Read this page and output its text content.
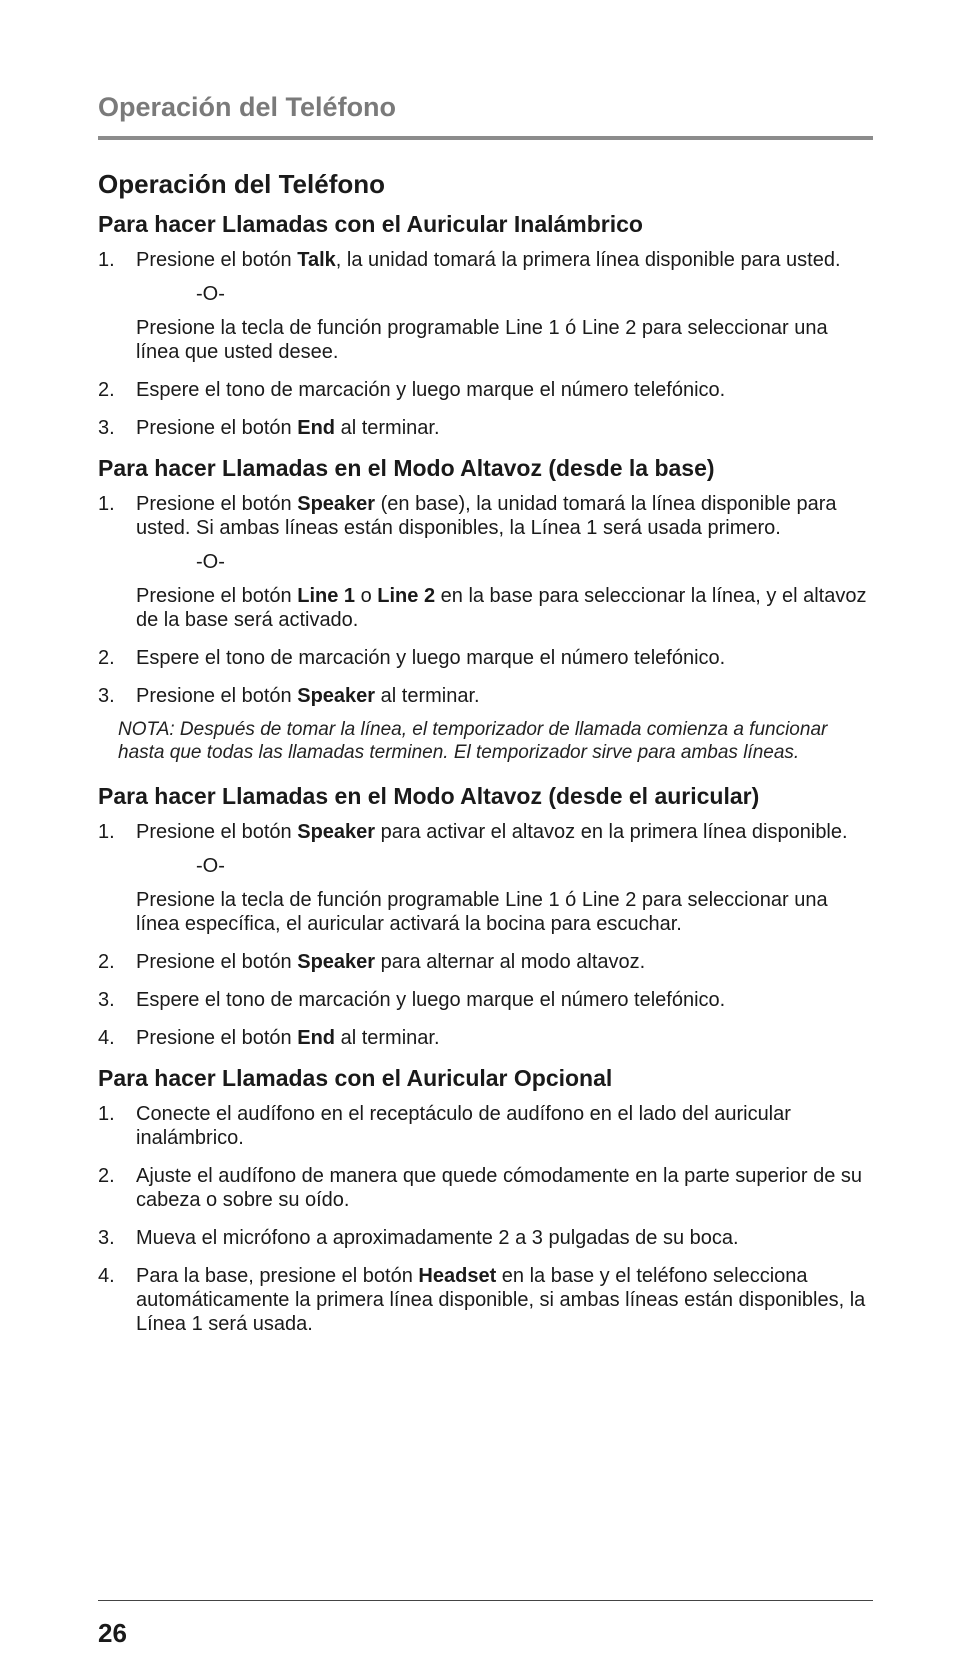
Operación del Teléfono
Operación del Teléfono
Para hacer Llamadas con el Auricular Inalámbrico
1. Presione el botón Talk, la unidad tomará la primera línea disponible para usted.
-O-
Presione la tecla de función programable Line 1 ó Line 2 para seleccionar una línea que usted desee.
2. Espere el tono de marcación y luego marque el número telefónico.
3. Presione el botón End al terminar.
Para hacer Llamadas en el Modo Altavoz (desde la base)
1. Presione el botón Speaker (en base), la unidad tomará la línea disponible para usted. Si ambas líneas están disponibles, la Línea 1 será usada primero.
-O-
Presione el botón Line 1 o Line 2 en la base para seleccionar la línea, y el altavoz de la base será activado.
2. Espere el tono de marcación y luego marque el número telefónico.
3. Presione el botón Speaker al terminar.
NOTA: Después de tomar la línea, el temporizador de llamada comienza a funcionar hasta que todas las llamadas terminen. El temporizador sirve para ambas líneas.
Para hacer Llamadas en el Modo Altavoz (desde el auricular)
1. Presione el botón Speaker para activar el altavoz en la primera línea disponible.
-O-
Presione la tecla de función programable Line 1 ó Line 2 para seleccionar una línea específica, el auricular activará la bocina para escuchar.
2. Presione el botón Speaker para alternar al modo altavoz.
3. Espere el tono de marcación y luego marque el número telefónico.
4. Presione el botón End al terminar.
Para hacer Llamadas con el Auricular Opcional
1. Conecte el audífono en el receptáculo de audífono en el lado del auricular inalámbrico.
2. Ajuste el audífono de manera que quede cómodamente en la parte superior de su cabeza o sobre su oído.
3. Mueva el micrófono a aproximadamente 2 a 3 pulgadas de su boca.
4. Para la base, presione el botón Headset en la base y el teléfono selecciona automáticamente la primera línea disponible, si ambas líneas están disponibles, la Línea 1 será usada.
26
